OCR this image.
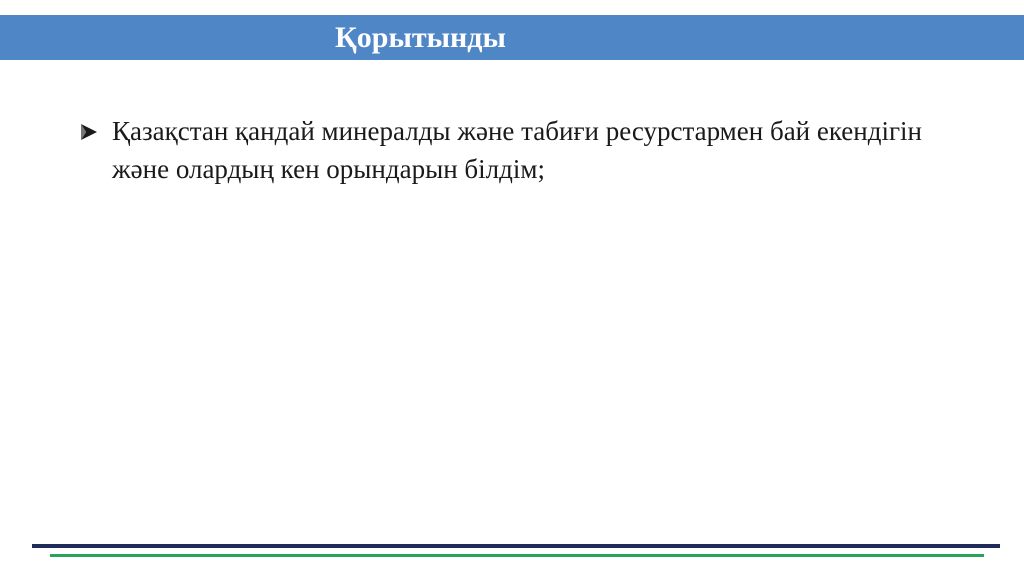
Қорытынды
Қазақстан қандай минералды және табиғи ресурстармен бай екендігін және олардың кен орындарын білдім;
